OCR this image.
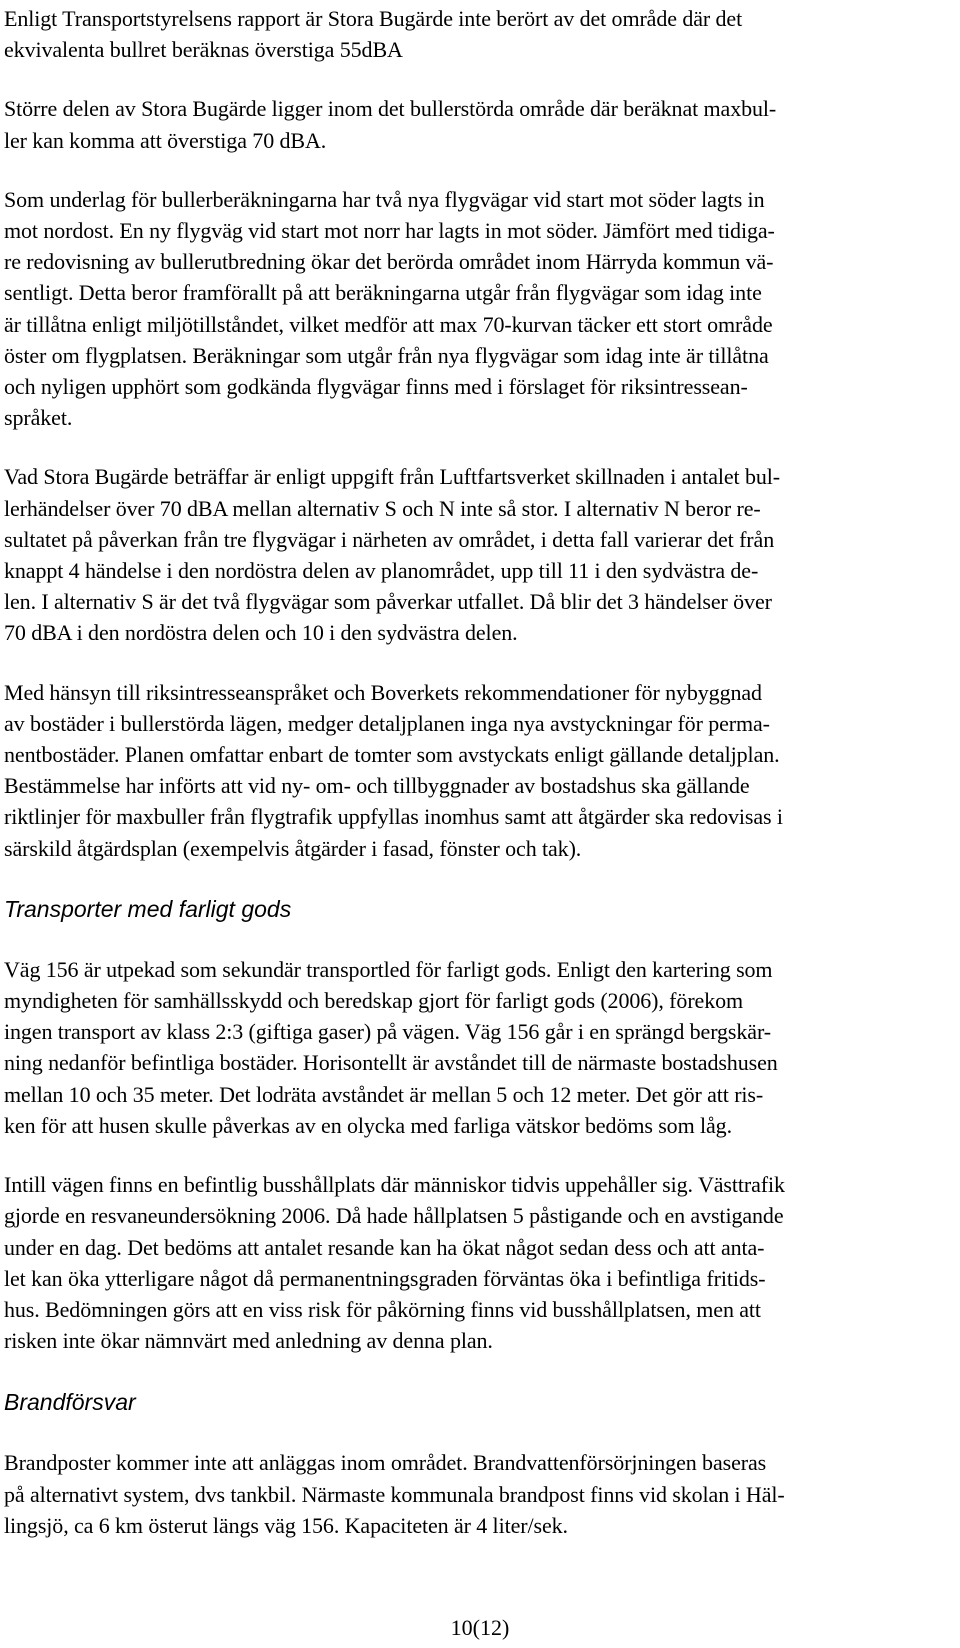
Enligt Transportstyrelsens rapport är Stora Bugärde inte berört av det område där det
ekvivalenta bullret beräknas överstiga 55dBA

Större delen av Stora Bugärde ligger inom det bullerstörda område där beräknat maxbul-
ler kan komma att överstiga 70 dBA.

Som underlag för bullerberäkningarna har två nya flygvägar vid start mot söder lagts in
mot nordost. En ny flygväg vid start mot norr har lagts in mot söder. Jämfört med tidiga-
re redovisning av bullerutbredning ökar det berörda området inom Härryda kommun vä-
sentligt. Detta beror framförallt på att beräkningarna utgår från flygvägar som idag inte
är tillåtna enligt miljötillståndet, vilket medför att max 70-kurvan täcker ett stort område
öster om flygplatsen. Beräkningar som utgår från nya flygvägar som idag inte är tillåtna
och nyligen upphört som godkända flygvägar finns med i förslaget för riksintressean-
språket.

Vad Stora Bugärde beträffar är enligt uppgift från Luftfartsverket skillnaden i antalet bul-
lerhändelser över 70 dBA mellan alternativ S och N inte så stor. I alternativ N beror re-
sultatet på påverkan från tre flygvägar i närheten av området, i detta fall varierar det från
knappt 4 händelse i den nordöstra delen av planområdet, upp till 11 i den sydvästra de-
len. I alternativ S är det två flygvägar som påverkar utfallet. Då blir det 3 händelser över
70 dBA i den nordöstra delen och 10 i den sydvästra delen.

Med hänsyn till riksintresseanspråket och Boverkets rekommendationer för nybyggnad
av bostäder i bullerstörda lägen, medger detaljplanen inga nya avstyckningar för perma-
nentbostäder. Planen omfattar enbart de tomter som avstyckats enligt gällande detaljplan.
Bestämmelse har införts att vid ny- om- och tillbyggnader av bostadshus ska gällande
riktlinjer för maxbuller från flygtrafik uppfyllas inomhus samt att åtgärder ska redovisas i
särskild åtgärdsplan (exempelvis åtgärder i fasad, fönster och tak).

Transporter med farligt gods

Väg 156 är utpekad som sekundär transportled för farligt gods. Enligt den kartering som
myndigheten för samhällsskydd och beredskap gjort för farligt gods (2006), förekom
ingen transport av klass 2:3 (giftiga gaser) på vägen. Väg 156 går i en sprängd bergskär-
ning nedanför befintliga bostäder. Horisontellt är avståndet till de närmaste bostadshusen
mellan 10 och 35 meter. Det lodräta avståndet är mellan 5 och 12 meter. Det gör att ris-
ken för att husen skulle påverkas av en olycka med farliga vätskor bedöms som låg.

Intill vägen finns en befintlig busshållplats där människor tidvis uppehåller sig. Västtrafik
gjorde en resvaneundersökning 2006. Då hade hållplatsen 5 påstigande och en avstigande
under en dag. Det bedöms att antalet resande kan ha ökat något sedan dess och att anta-
let kan öka ytterligare något då permanentningsgraden förväntas öka i befintliga fritids-
hus. Bedömningen görs att en viss risk för påkörning finns vid busshållplatsen, men att
risken inte ökar nämnvärt med anledning av denna plan.

Brandförsvar

Brandposter kommer inte att anläggas inom området. Brandvattenförsörjningen baseras
på alternativt system, dvs tankbil. Närmaste kommunala brandpost finns vid skolan i Häl-
lingsjö, ca 6 km österut längs väg 156. Kapaciteten är 4 liter/sek.

10(12)
